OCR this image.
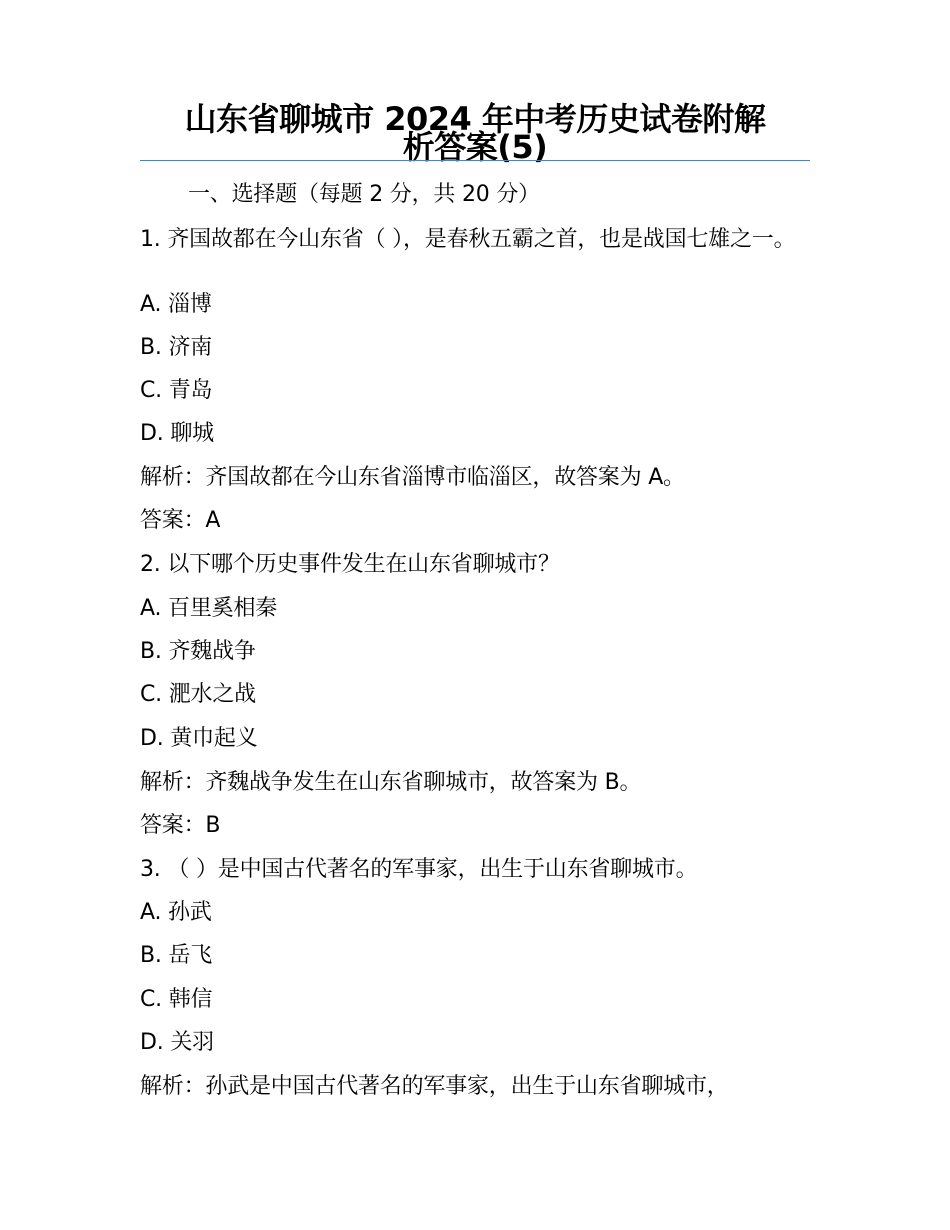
山东省聊城市 2024 年中考历史试卷附解
析答案(5)
一、选择题（每题 2 分，共 20 分）
1. 齐国故都在今山东省（ ），是春秋五霸之首，也是战国七雄之一。
A. 淄博
B. 济南
C. 青岛
D. 聊城
解析：齐国故都在今山东省淄博市临淄区，故答案为 A。
答案：A
2. 以下哪个历史事件发生在山东省聊城市？
A. 百里奚相秦
B. 齐魏战争
C. 淝水之战
D. 黄巾起义
解析：齐魏战争发生在山东省聊城市，故答案为 B。
答案：B
3. （ ）是中国古代著名的军事家，出生于山东省聊城市。
A. 孙武
B. 岳飞
C. 韩信
D. 关羽
解析：孙武是中国古代著名的军事家，出生于山东省聊城市，
